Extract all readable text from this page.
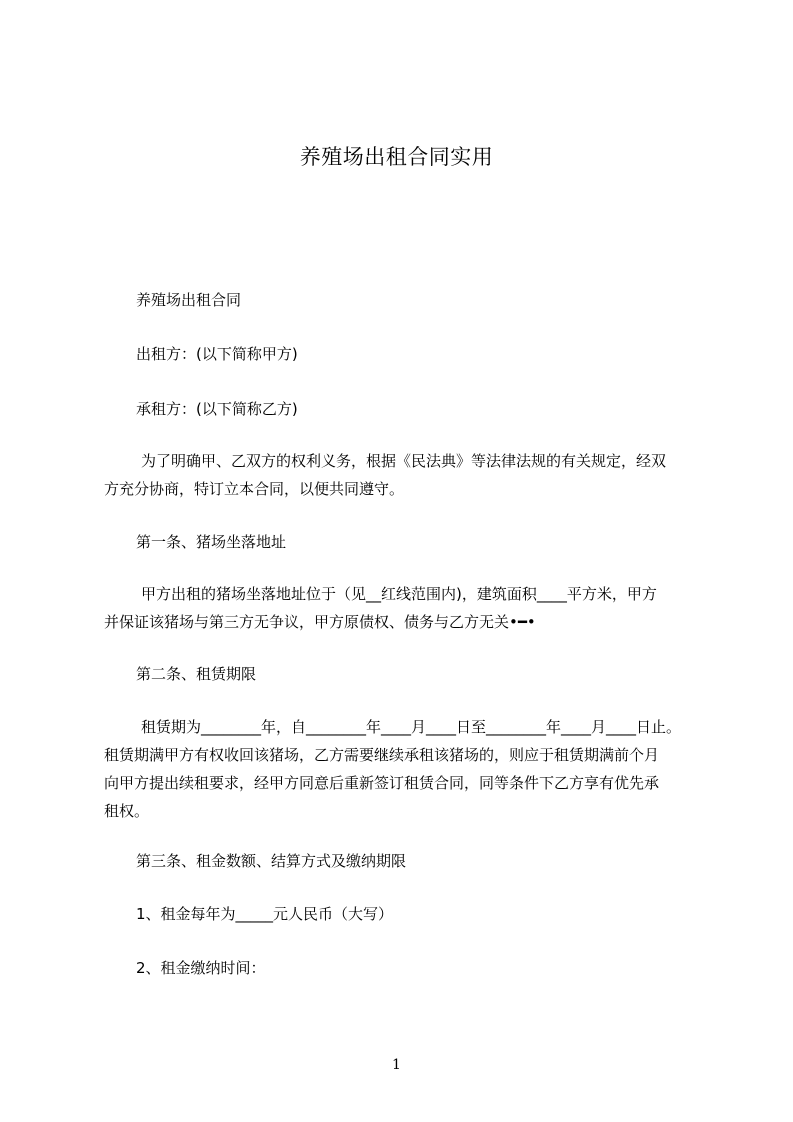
养殖场出租合同实用
养殖场出租合同
出租方：(以下简称甲方)
承租方：(以下简称乙方)
为了明确甲、乙双方的权利义务，根据《民法典》等法律法规的有关规定，经双
方充分协商，特订立本合同，以便共同遵守。
第一条、猪场坐落地址
甲方出租的猪场坐落地址位于（见__红线范围内)，建筑面积____平方米，甲方
并保证该猪场与第三方无争议，甲方原债权、债务与乙方无关•━•
第二条、租赁期限
租赁期为________年，自________年____月____日至________年____月____日止。
租赁期满甲方有权收回该猪场，乙方需要继续承租该猪场的，则应于租赁期满前个月
向甲方提出续租要求，经甲方同意后重新签订租赁合同，同等条件下乙方享有优先承
租权。
第三条、租金数额、结算方式及缴纳期限
1、租金每年为_____元人民币（大写）
2、租金缴纳时间：
1
